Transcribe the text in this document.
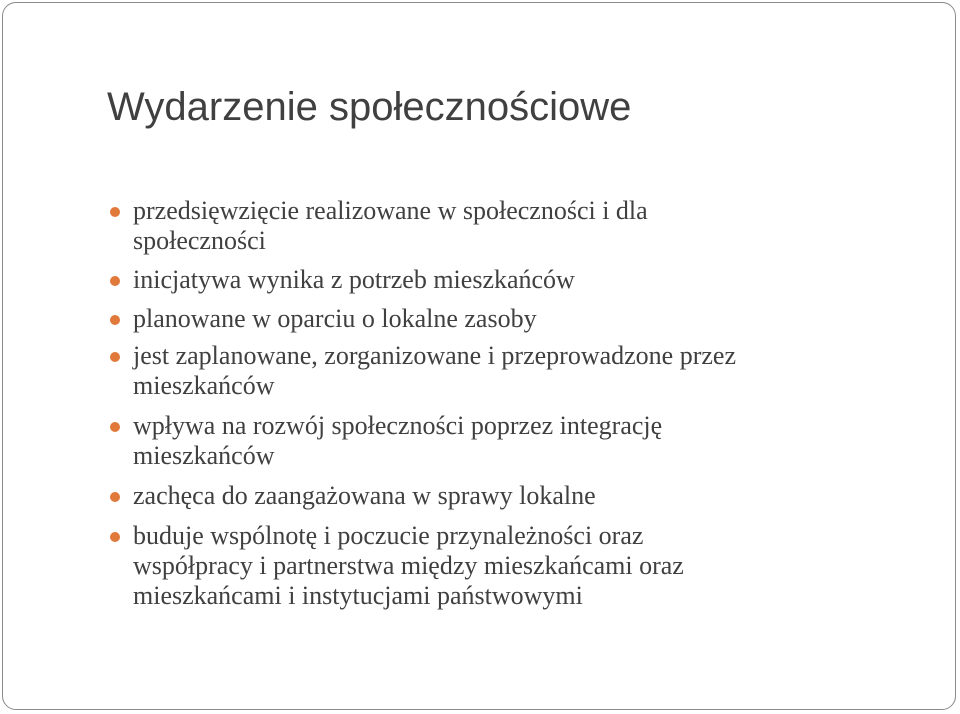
Wydarzenie społecznościowe
przedsięwzięcie realizowane w społeczności i dla
społeczności
inicjatywa wynika z potrzeb mieszkańców
planowane w oparciu o lokalne zasoby
jest zaplanowane, zorganizowane i przeprowadzone przez
mieszkańców
wpływa na rozwój społeczności poprzez integrację
mieszkańców
zachęca do zaangażowana w sprawy lokalne
buduje wspólnotę i poczucie przynależności oraz
współpracy i partnerstwa między mieszkańcami oraz
mieszkańcami i instytucjami państwowymi
